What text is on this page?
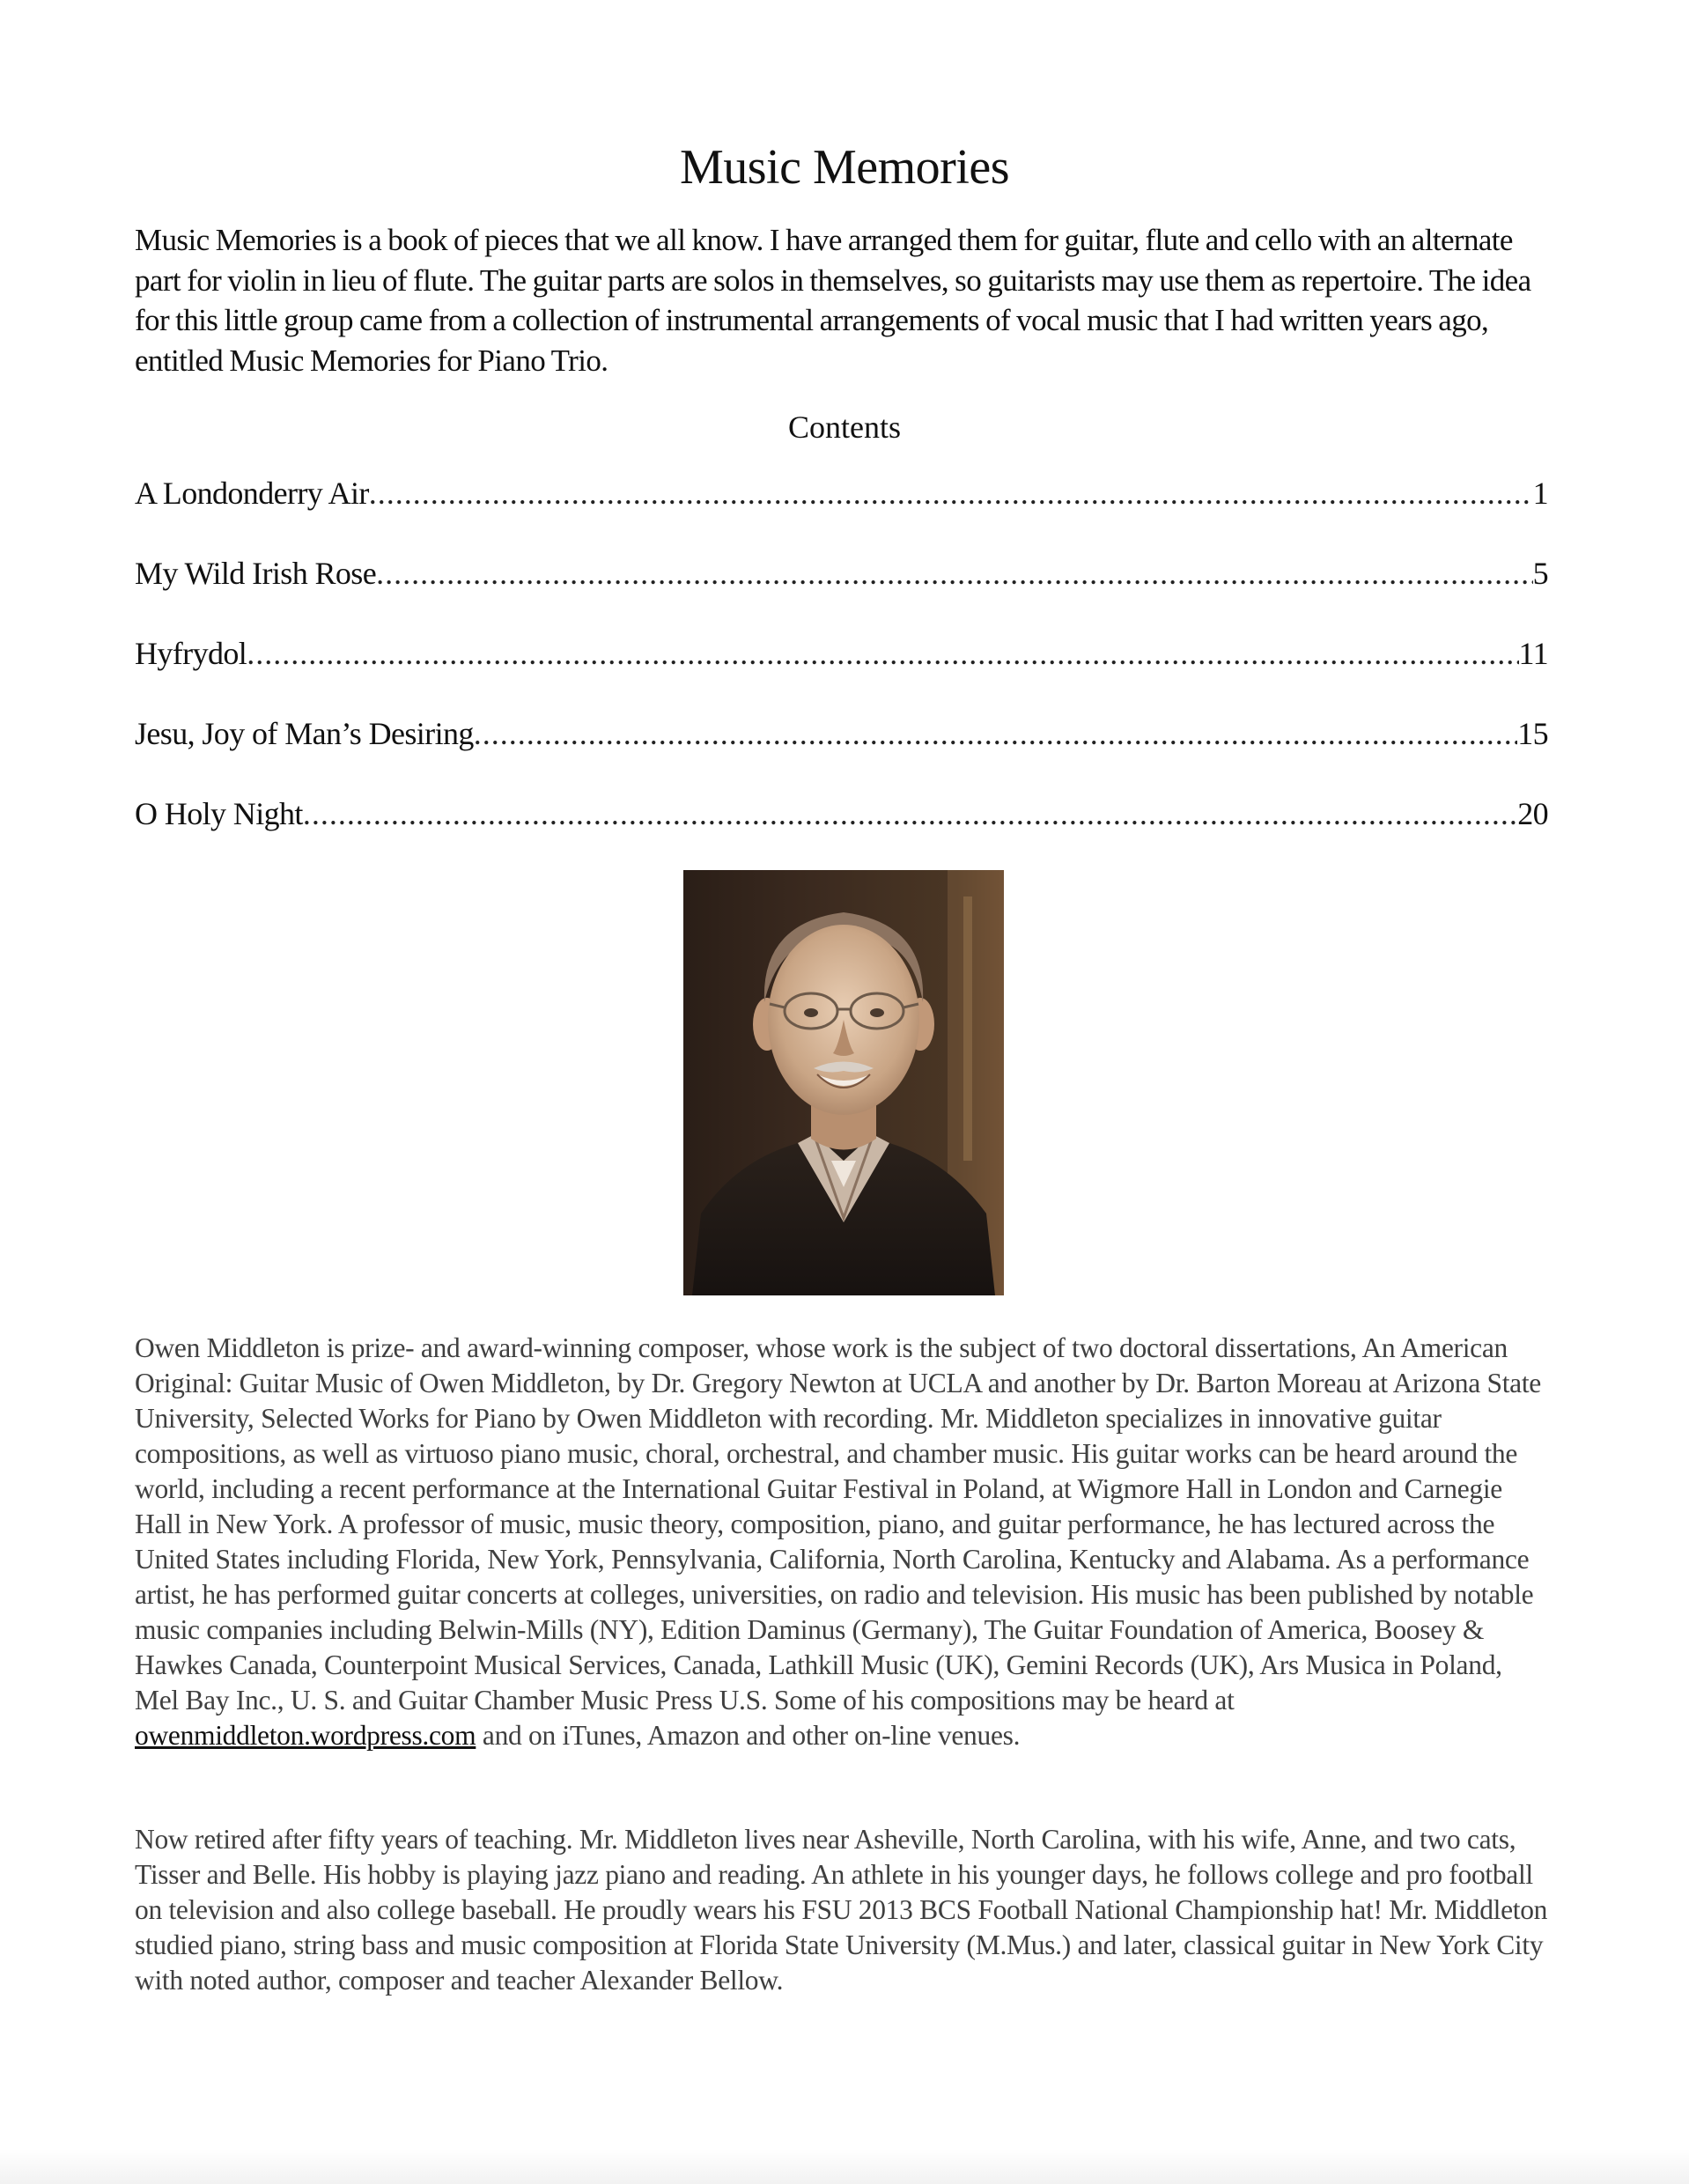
Music Memories

Music Memories is a book of pieces that we all know. I have arranged them for guitar, flute and cello with an alternate part for violin in lieu of flute. The guitar parts are solos in themselves, so guitarists may use them as repertoire. The idea for this little group came from a collection of instrumental arrangements of vocal music that I had written years ago, entitled Music Memories for Piano Trio.

Contents
A Londonderry Air .....	1
My Wild Irish Rose .....	5
Hyfrydol .....	11
Jesu, Joy of Man’s Desiring .....	15
O Holy Night .....	20

Owen Middleton is prize- and award-winning composer, whose work is the subject of two doctoral dissertations, An American Original: Guitar Music of Owen Middleton, by Dr. Gregory Newton at UCLA and another by Dr. Barton Moreau at Arizona State University, Selected Works for Piano by Owen Middleton with recording. Mr. Middleton specializes in innovative guitar compositions, as well as virtuoso piano music, choral, orchestral, and chamber music. His guitar works can be heard around the world, including a recent performance at the International Guitar Festival in Poland, at Wigmore Hall in London and Carnegie Hall in New York. A professor of music, music theory, composition, piano, and guitar performance, he has lectured across the United States including Florida, New York, Pennsylvania, California, North Carolina, Kentucky and Alabama. As a performance artist, he has performed guitar concerts at colleges, universities, on radio and television. His music has been published by notable music companies including Belwin-Mills (NY), Edition Daminus (Germany), The Guitar Foundation of America, Boosey & Hawkes Canada, Counterpoint Musical Services, Canada, Lathkill Music (UK), Gemini Records (UK), Ars Musica in Poland, Mel Bay Inc., U. S. and Guitar Chamber Music Press U.S. Some of his compositions may be heard at owenmiddleton.wordpress.com and on iTunes, Amazon and other on-line venues.

Now retired after fifty years of teaching. Mr. Middleton lives near Asheville, North Carolina, with his wife, Anne, and two cats, Tisser and Belle. His hobby is playing jazz piano and reading. An athlete in his younger days, he follows college and pro football on television and also college baseball. He proudly wears his FSU 2013 BCS Football National Championship hat! Mr. Middleton studied piano, string bass and music composition at Florida State University (M.Mus.) and later, classical guitar in New York City with noted author, composer and teacher Alexander Bellow.
